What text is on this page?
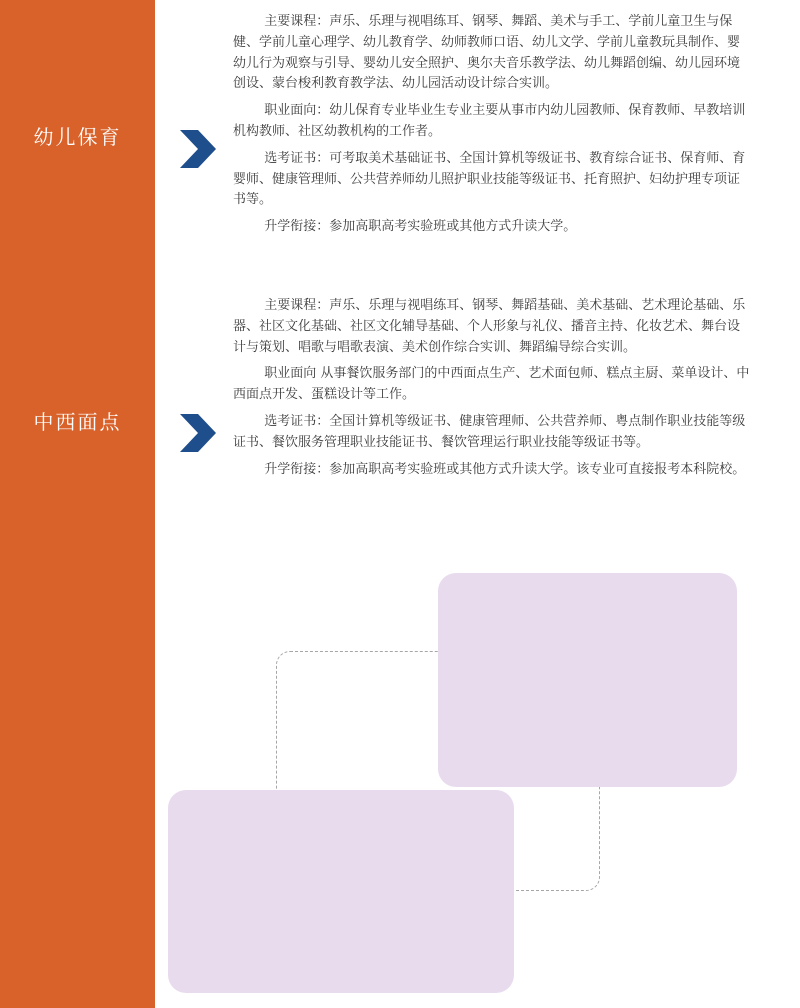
幼儿保育

主要课程：声乐、乐理与视唱练耳、钢琴、舞蹈、美术与手工、学前儿童卫生与保健、学前儿童心理学、幼儿教育学、幼师教师口语、幼儿文学、学前儿童教玩具制作、婴幼儿行为观察与引导、婴幼儿安全照护、奥尔夫音乐教学法、幼儿舞蹈创编、幼儿园环境创设、蒙台梭利教育教学法、幼儿园活动设计综合实训。

职业面向：幼儿保育专业毕业生专业主要从事市内幼儿园教师、保育教师、早教培训机构教师、社区幼教机构的工作者。

选考证书：可考取美术基础证书、全国计算机等级证书、教育综合证书、保育师、育婴师、健康管理师、公共营养师幼儿照护职业技能等级证书、托育照护、妇幼护理专项证书等。

升学衔接：参加高职高考实验班或其他方式升读大学。

中西面点

主要课程：声乐、乐理与视唱练耳、钢琴、舞蹈基础、美术基础、艺术理论基础、乐器、社区文化基础、社区文化辅导基础、个人形象与礼仪、播音主持、化妆艺术、舞台设计与策划、唱歌与唱歌表演、美术创作综合实训、舞蹈编导综合实训。

职业面向 从事餐饮服务部门的中西面点生产、艺术面包师、糕点主厨、菜单设计、中西面点开发、蛋糕设计等工作。

选考证书：全国计算机等级证书、健康管理师、公共营养师、粤点制作职业技能等级证书、餐饮服务管理职业技能证书、餐饮管理运行职业技能等级证书等。

升学衔接：参加高职高考实验班或其他方式升读大学。该专业可直接报考本科院校。
